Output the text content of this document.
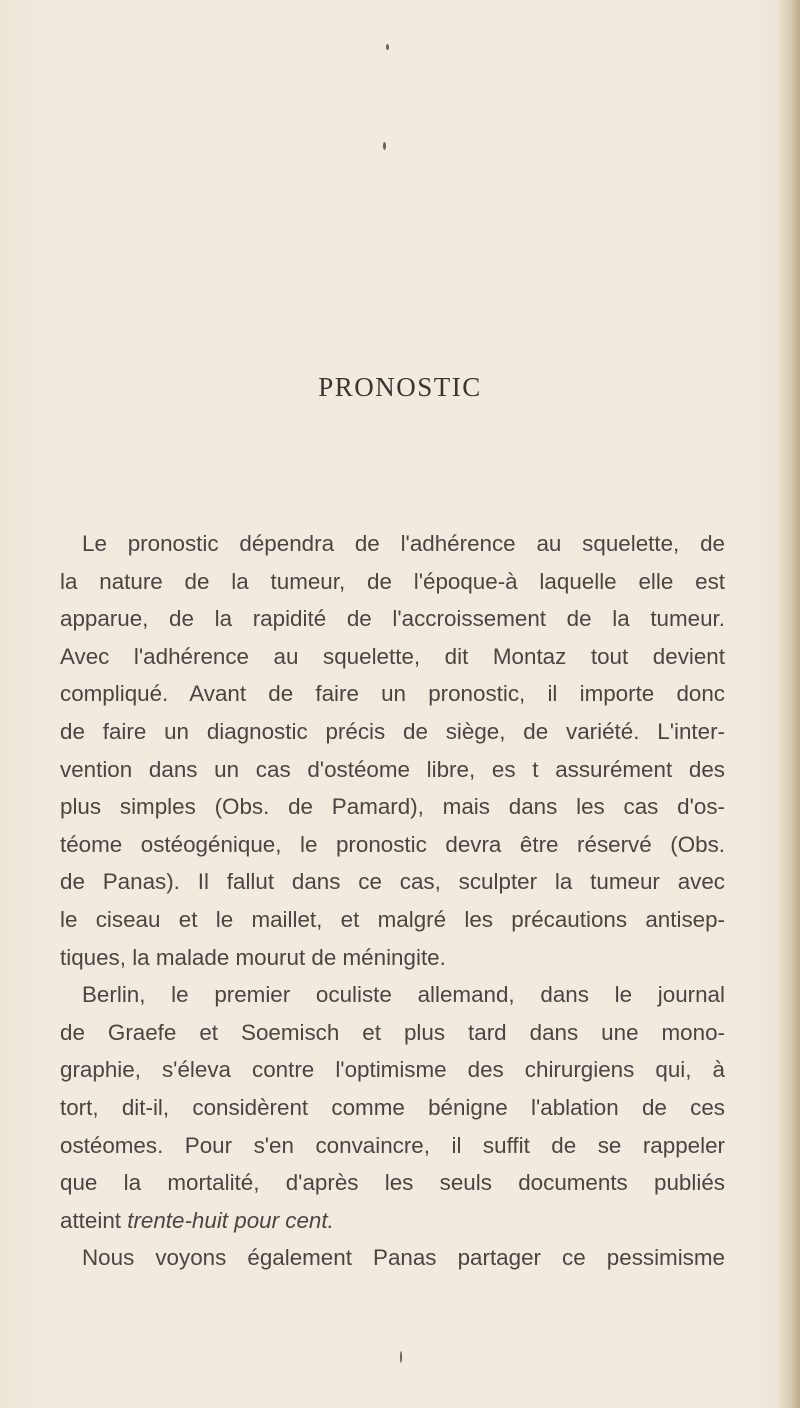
PRONOSTIC
Le pronostic dépendra de l'adhérence au squelette, de
la nature de la tumeur, de l'époque-à laquelle elle est
apparue, de la rapidité de l'accroissement de la tumeur.
Avec l'adhérence au squelette, dit Montaz tout devient
compliqué. Avant de faire un pronostic, il importe donc
de faire un diagnostic précis de siège, de variété. L'inter-
vention dans un cas d'ostéome libre, es t assurément des
plus simples (Obs. de Pamard), mais dans les cas d'os-
téome ostéogénique, le pronostic devra être réservé (Obs.
de Panas). Il fallut dans ce cas, sculpter la tumeur avec
le ciseau et le maillet, et malgré les précautions antisep-
tiques, la malade mourut de méningite.
Berlin, le premier oculiste allemand, dans le journal
de Graefe et Soemisch et plus tard dans une mono-
graphie, s'éleva contre l'optimisme des chirurgiens qui, à
tort, dit-il, considèrent comme bénigne l'ablation de ces
ostéomes. Pour s'en convaincre, il suffit de se rappeler
que la mortalité, d'après les seuls documents publiés
atteint trente-huit pour cent.
Nous voyons également Panas partager ce pessimisme
